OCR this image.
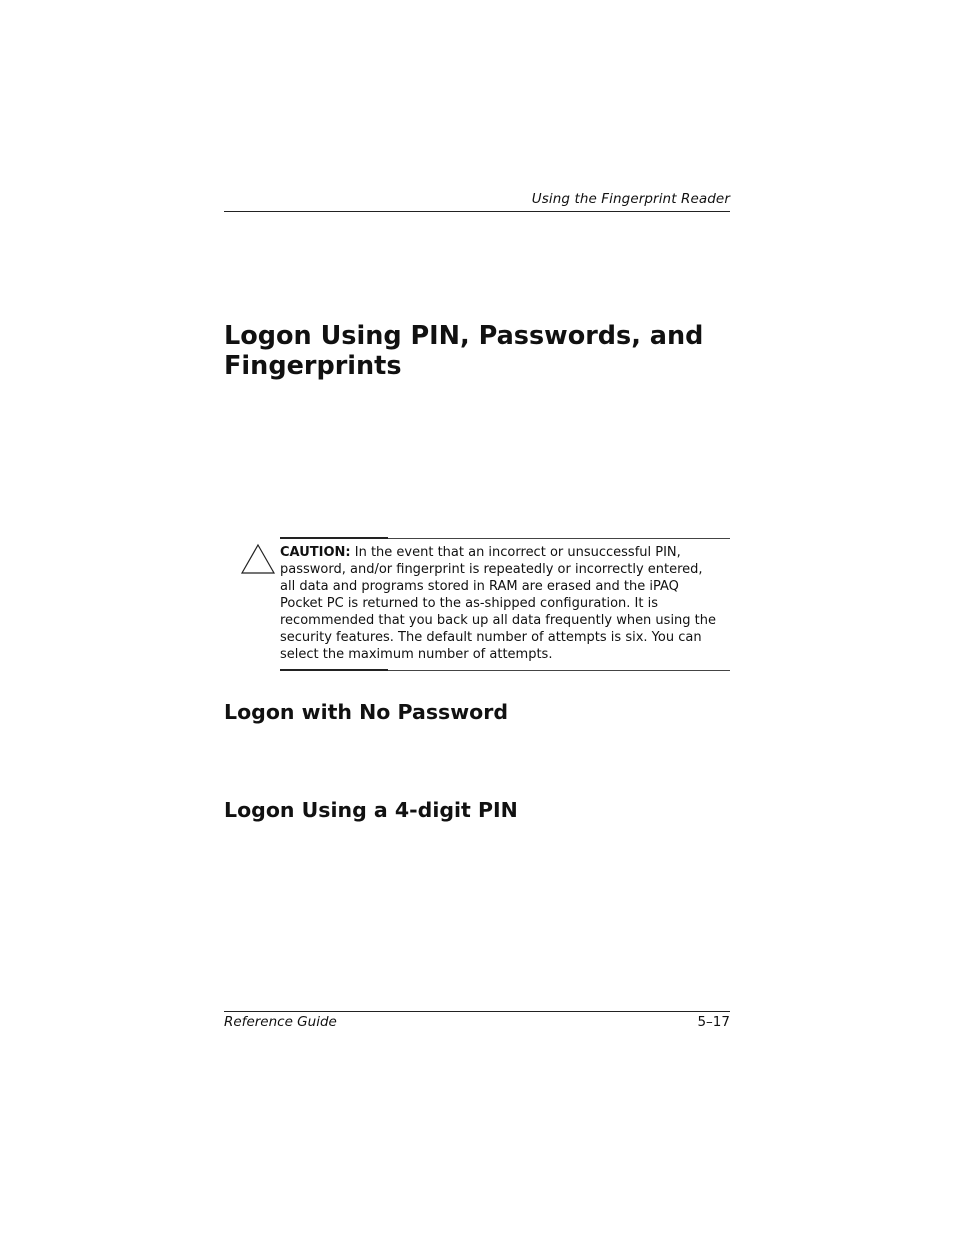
Using the Fingerprint Reader
Logon Using PIN, Passwords, and Fingerprints

CAUTION: In the event that an incorrect or unsuccessful PIN, password, and/or fingerprint is repeatedly or incorrectly entered, all data and programs stored in RAM are erased and the iPAQ Pocket PC is returned to the as-shipped configuration. It is recommended that you back up all data frequently when using the security features. The default number of attempts is six. You can select the maximum number of attempts.

Logon with No Password
Logon Using a 4-digit PIN
Reference Guide	5–17
